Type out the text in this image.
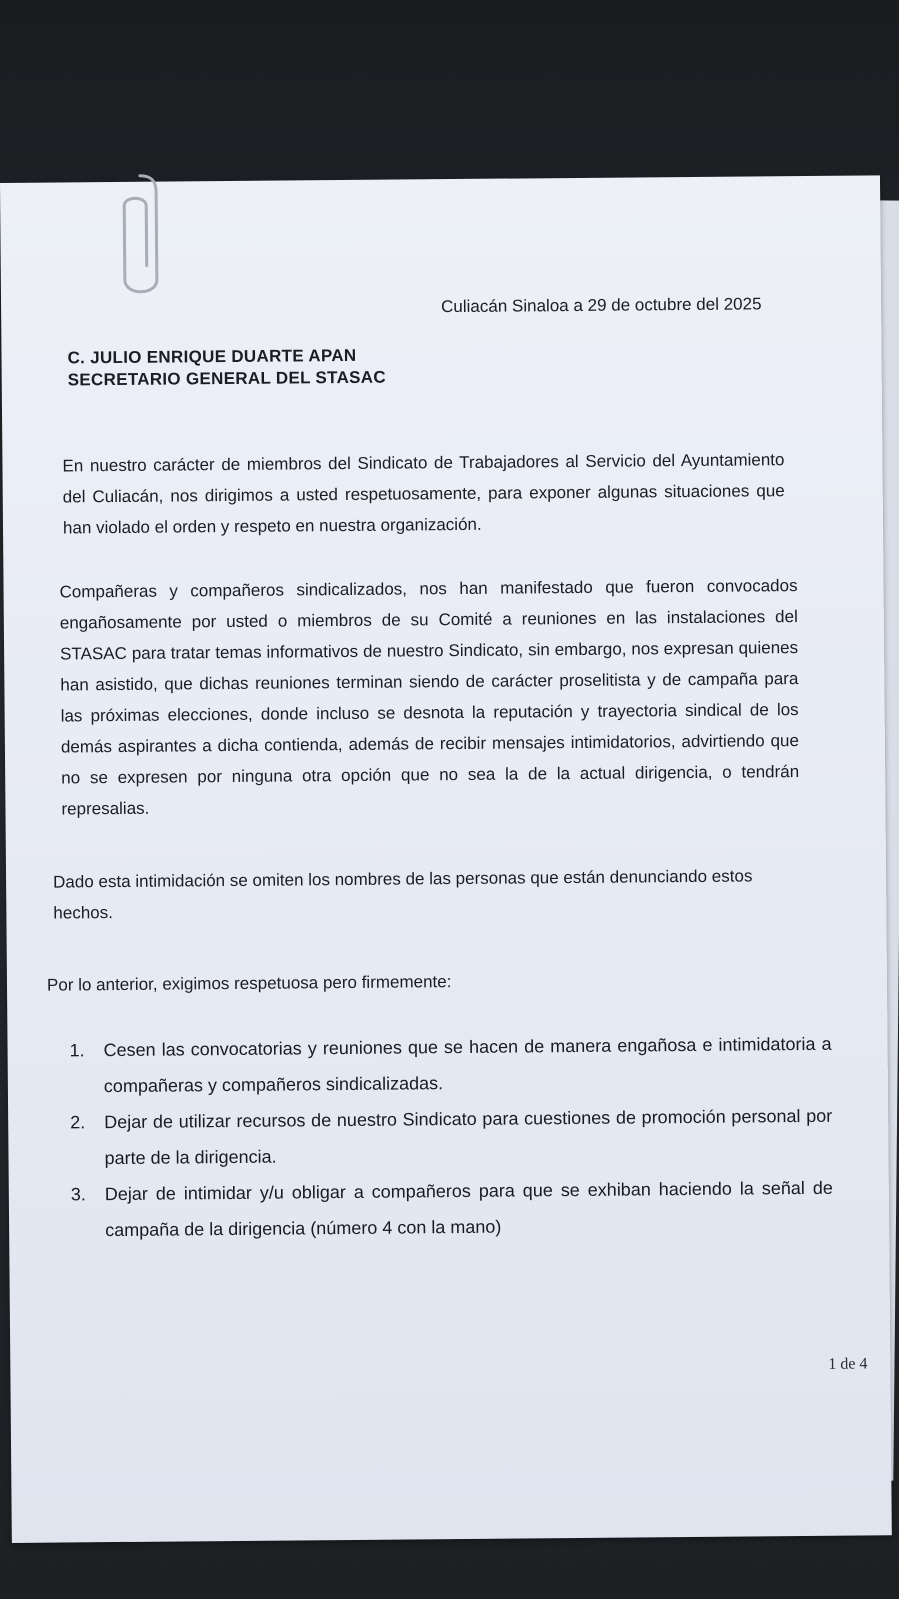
Culiacán Sinaloa a 29 de octubre del 2025
C. JULIO ENRIQUE DUARTE APAN
SECRETARIO GENERAL DEL STASAC
En nuestro carácter de miembros del Sindicato de Trabajadores al Servicio del Ayuntamiento del Culiacán, nos dirigimos a usted respetuosamente, para exponer algunas situaciones que han violado el orden y respeto en nuestra organización.
Compañeras y compañeros sindicalizados, nos han manifestado que fueron convocados engañosamente por usted o miembros de su Comité a reuniones en las instalaciones del STASAC para tratar temas informativos de nuestro Sindicato, sin embargo, nos expresan quienes han asistido, que dichas reuniones terminan siendo de carácter proselitista y de campaña para las próximas elecciones, donde incluso se desnota la reputación y trayectoria sindical de los demás aspirantes a dicha contienda, además de recibir mensajes intimidatorios, advirtiendo que no se expresen por ninguna otra opción que no sea la de la actual dirigencia, o tendrán represalias.
Dado esta intimidación se omiten los nombres de las personas que están denunciando estos hechos.
Por lo anterior, exigimos respetuosa pero firmemente:
1. Cesen las convocatorias y reuniones que se hacen de manera engañosa e intimidatoria a compañeras y compañeros sindicalizadas.
2. Dejar de utilizar recursos de nuestro Sindicato para cuestiones de promoción personal por parte de la dirigencia.
3. Dejar de intimidar y/u obligar a compañeros para que se exhiban haciendo la señal de campaña de la dirigencia (número 4 con la mano)
1 de 4
